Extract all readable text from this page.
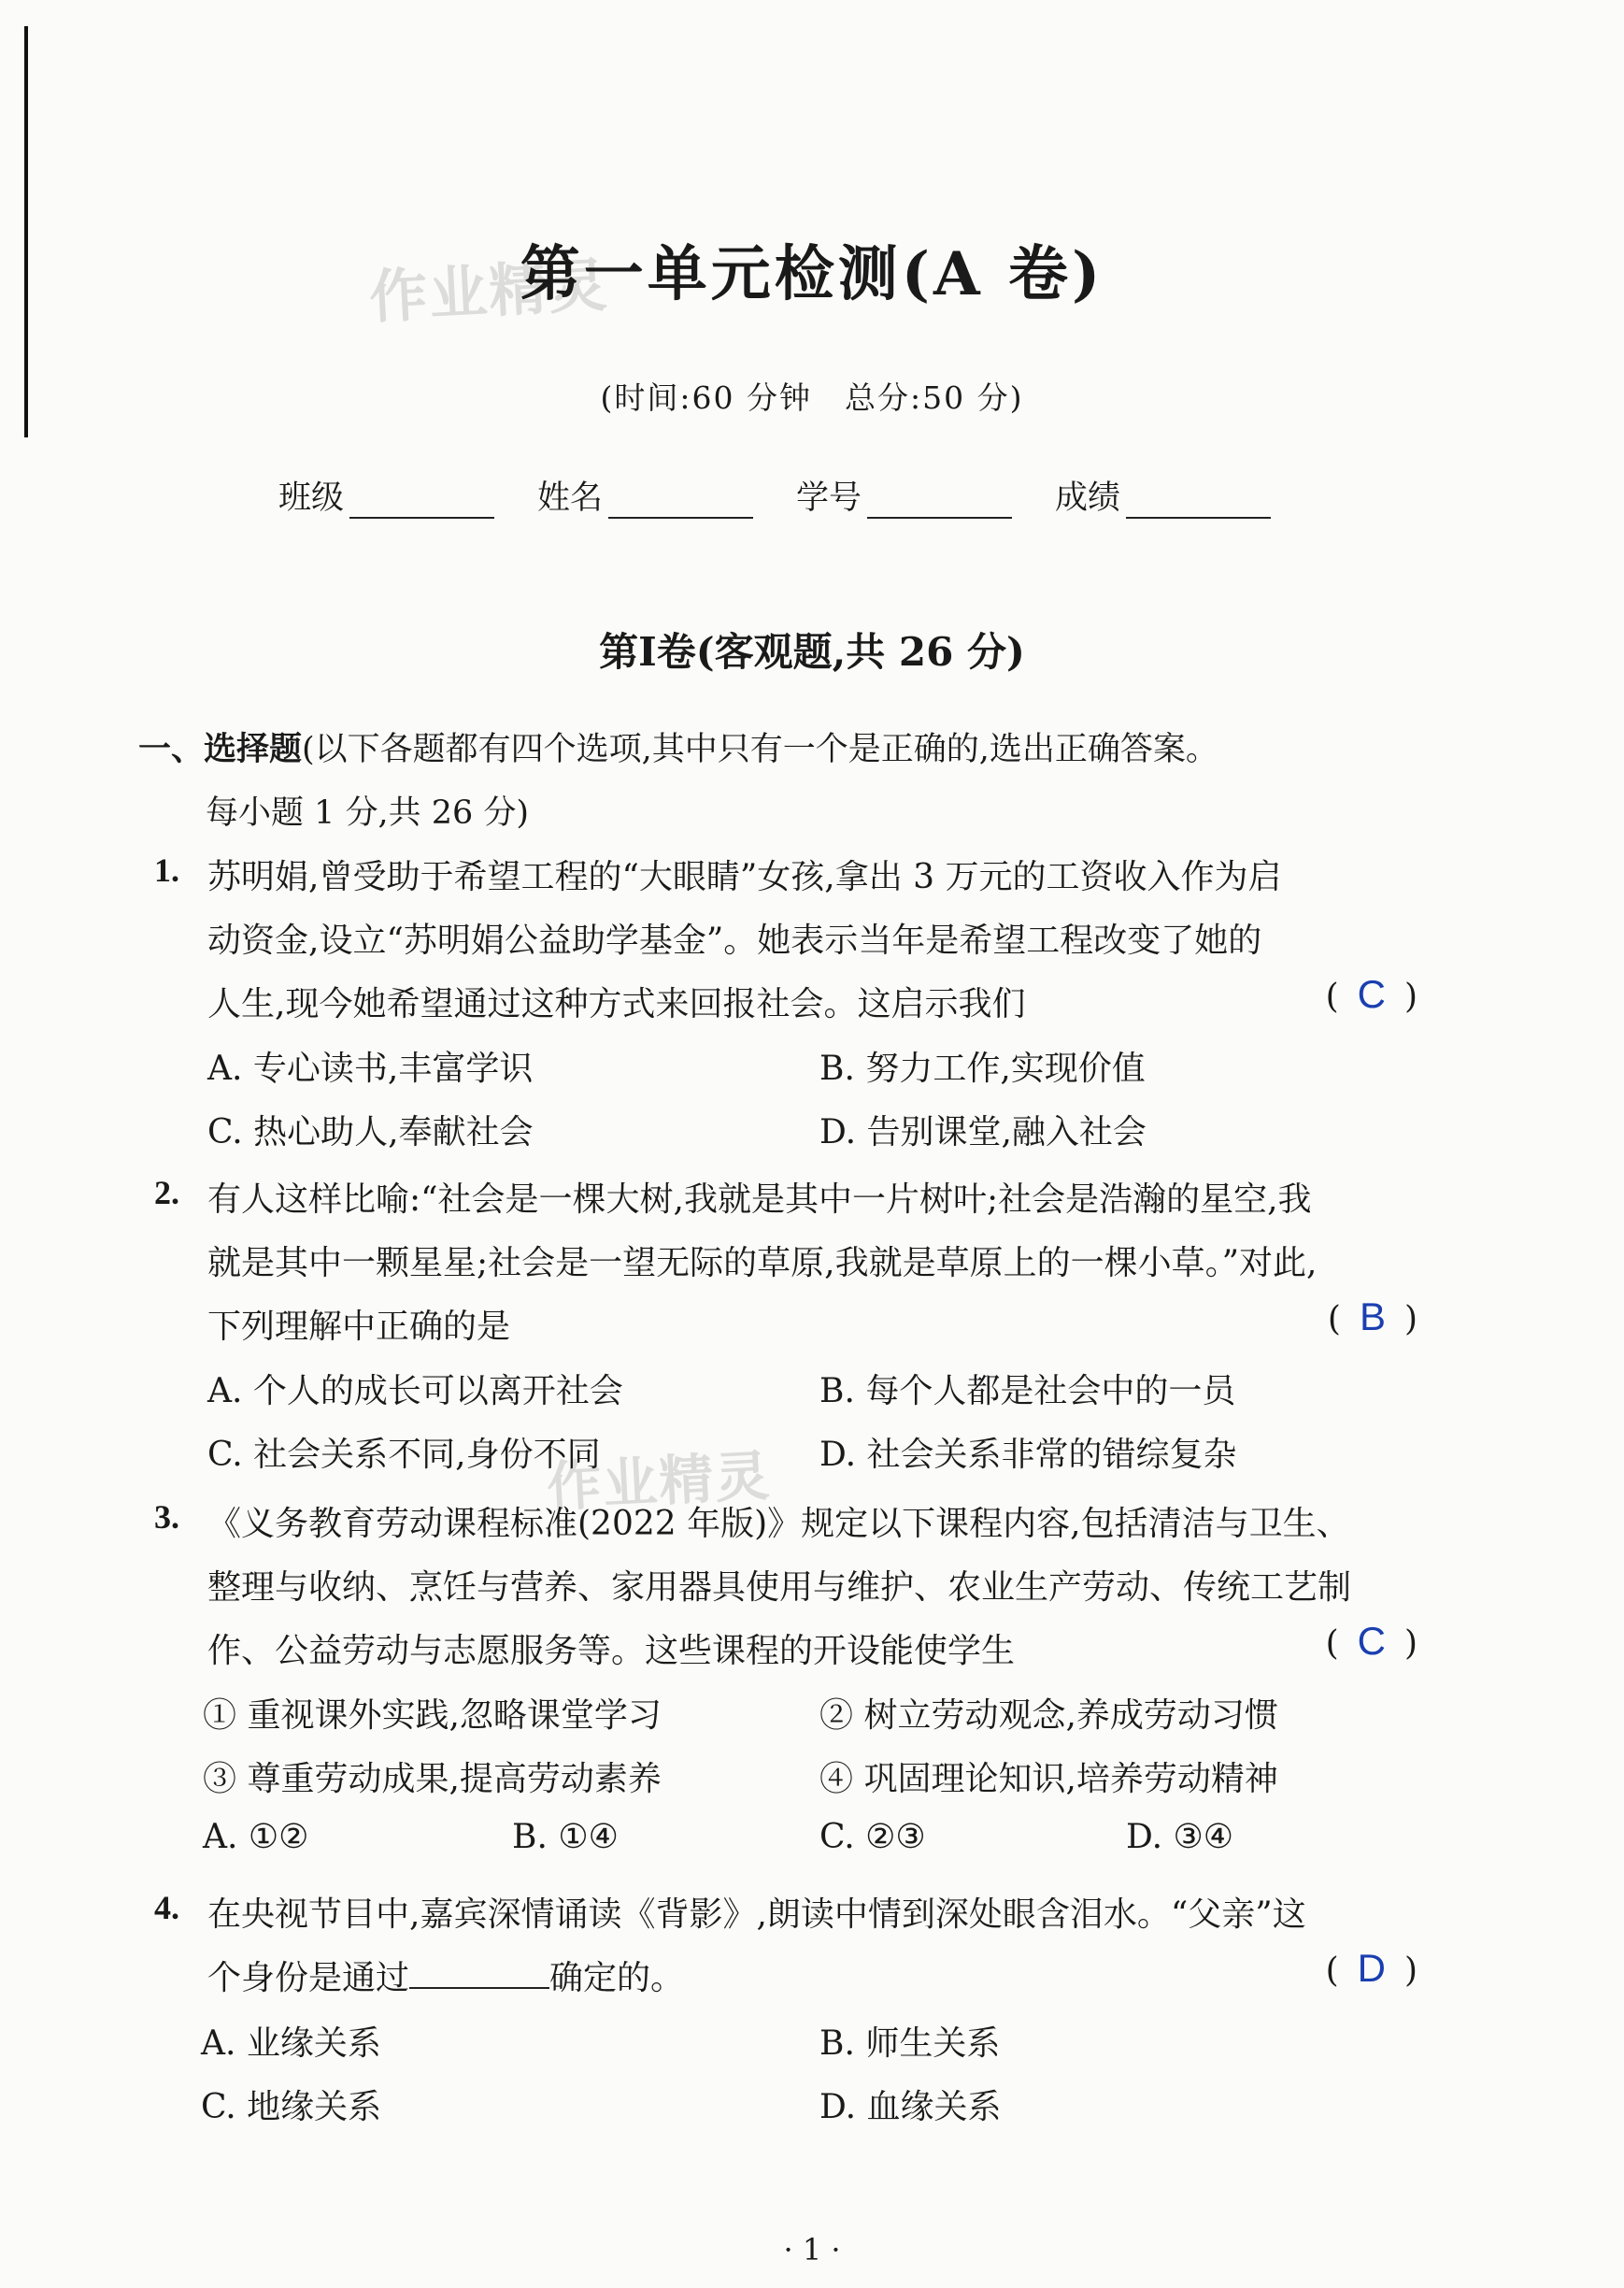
作业精灵
作业精灵
第一单元检测(A 卷)
(时间:60 分钟　总分:50 分)
班级	姓名	学号	成绩
第Ⅰ卷(客观题,共 26 分)
一、选择题(以下各题都有四个选项,其中只有一个是正确的,选出正确答案。
每小题 1 分,共 26 分)
1. 苏明娟,曾受助于希望工程的“大眼睛”女孩,拿出 3 万元的工资收入作为启
动资金,设立“苏明娟公益助学基金”。她表示当年是希望工程改变了她的
人生,现今她希望通过这种方式来回报社会。这启示我们	( C )
A. 专心读书,丰富学识	B. 努力工作,实现价值
C. 热心助人,奉献社会	D. 告别课堂,融入社会
2. 有人这样比喻:“社会是一棵大树,我就是其中一片树叶;社会是浩瀚的星空,我
就是其中一颗星星;社会是一望无际的草原,我就是草原上的一棵小草。”对此,
下列理解中正确的是	( B )
A. 个人的成长可以离开社会	B. 每个人都是社会中的一员
C. 社会关系不同,身份不同	D. 社会关系非常的错综复杂
3. 《义务教育劳动课程标准(2022 年版)》规定以下课程内容,包括清洁与卫生、
整理与收纳、烹饪与营养、家用器具使用与维护、农业生产劳动、传统工艺制
作、公益劳动与志愿服务等。这些课程的开设能使学生	( C )
① 重视课外实践,忽略课堂学习	② 树立劳动观念,养成劳动习惯
③ 尊重劳动成果,提高劳动素养	④ 巩固理论知识,培养劳动精神
A. ①②	B. ①④	C. ②③	D. ③④
4. 在央视节目中,嘉宾深情诵读《背影》,朗读中情到深处眼含泪水。“父亲”这
个身份是通过	确定的。	( D )
A. 业缘关系	B. 师生关系
C. 地缘关系	D. 血缘关系
· 1 ·
